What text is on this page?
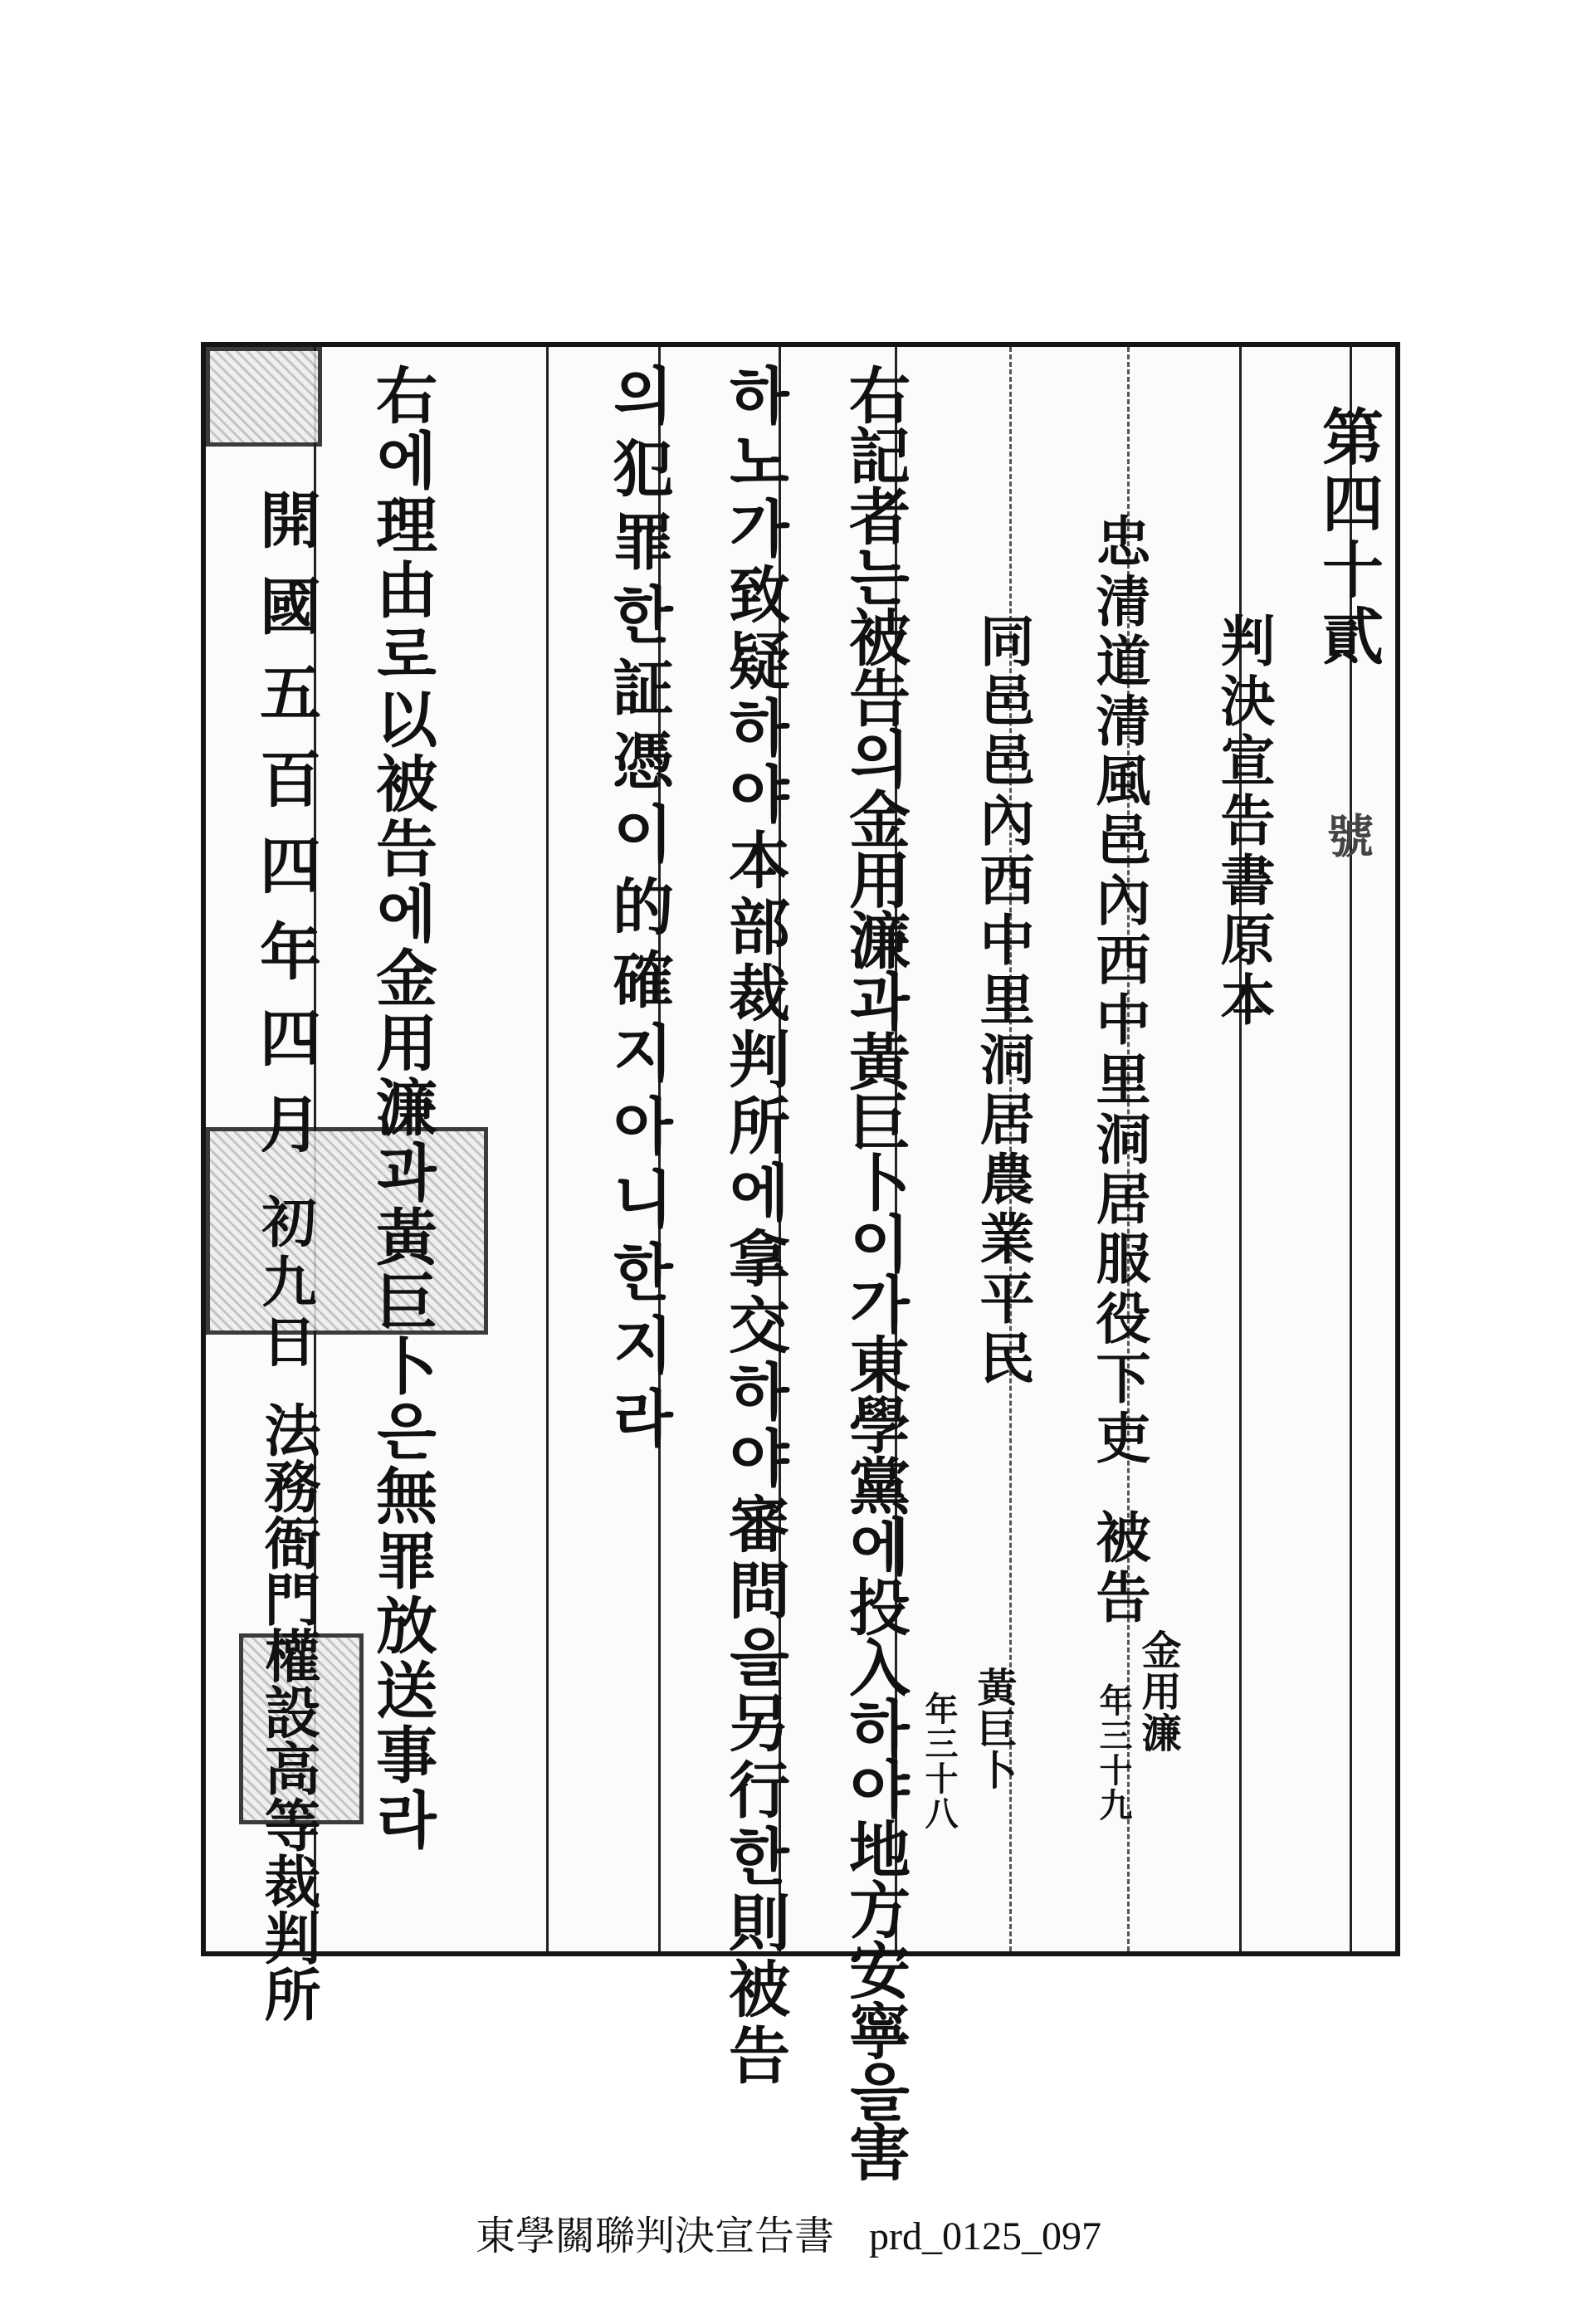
第四十貳
號
判決宣告書原本
忠清道清風邑內西中里洞居服役下吏
被告
金用濂
年三十九
同邑邑內西中里洞居農業平民
黃巨卜
年三十八
右記者는被告의金用濂과黃巨卜이가東學黨에投入하야地方安寧을害
하노가致疑하야本部裁判所에拿交하야審問을另行한則被告
의犯罪한証憑이的確지아니한지라
右에理由로以被告에金用濂과黃巨卜은無罪放送事라
開國五百四年四月
初九日
法務衙門權設高等裁判所
東學關聯判決宣告書 prd_0125_097
